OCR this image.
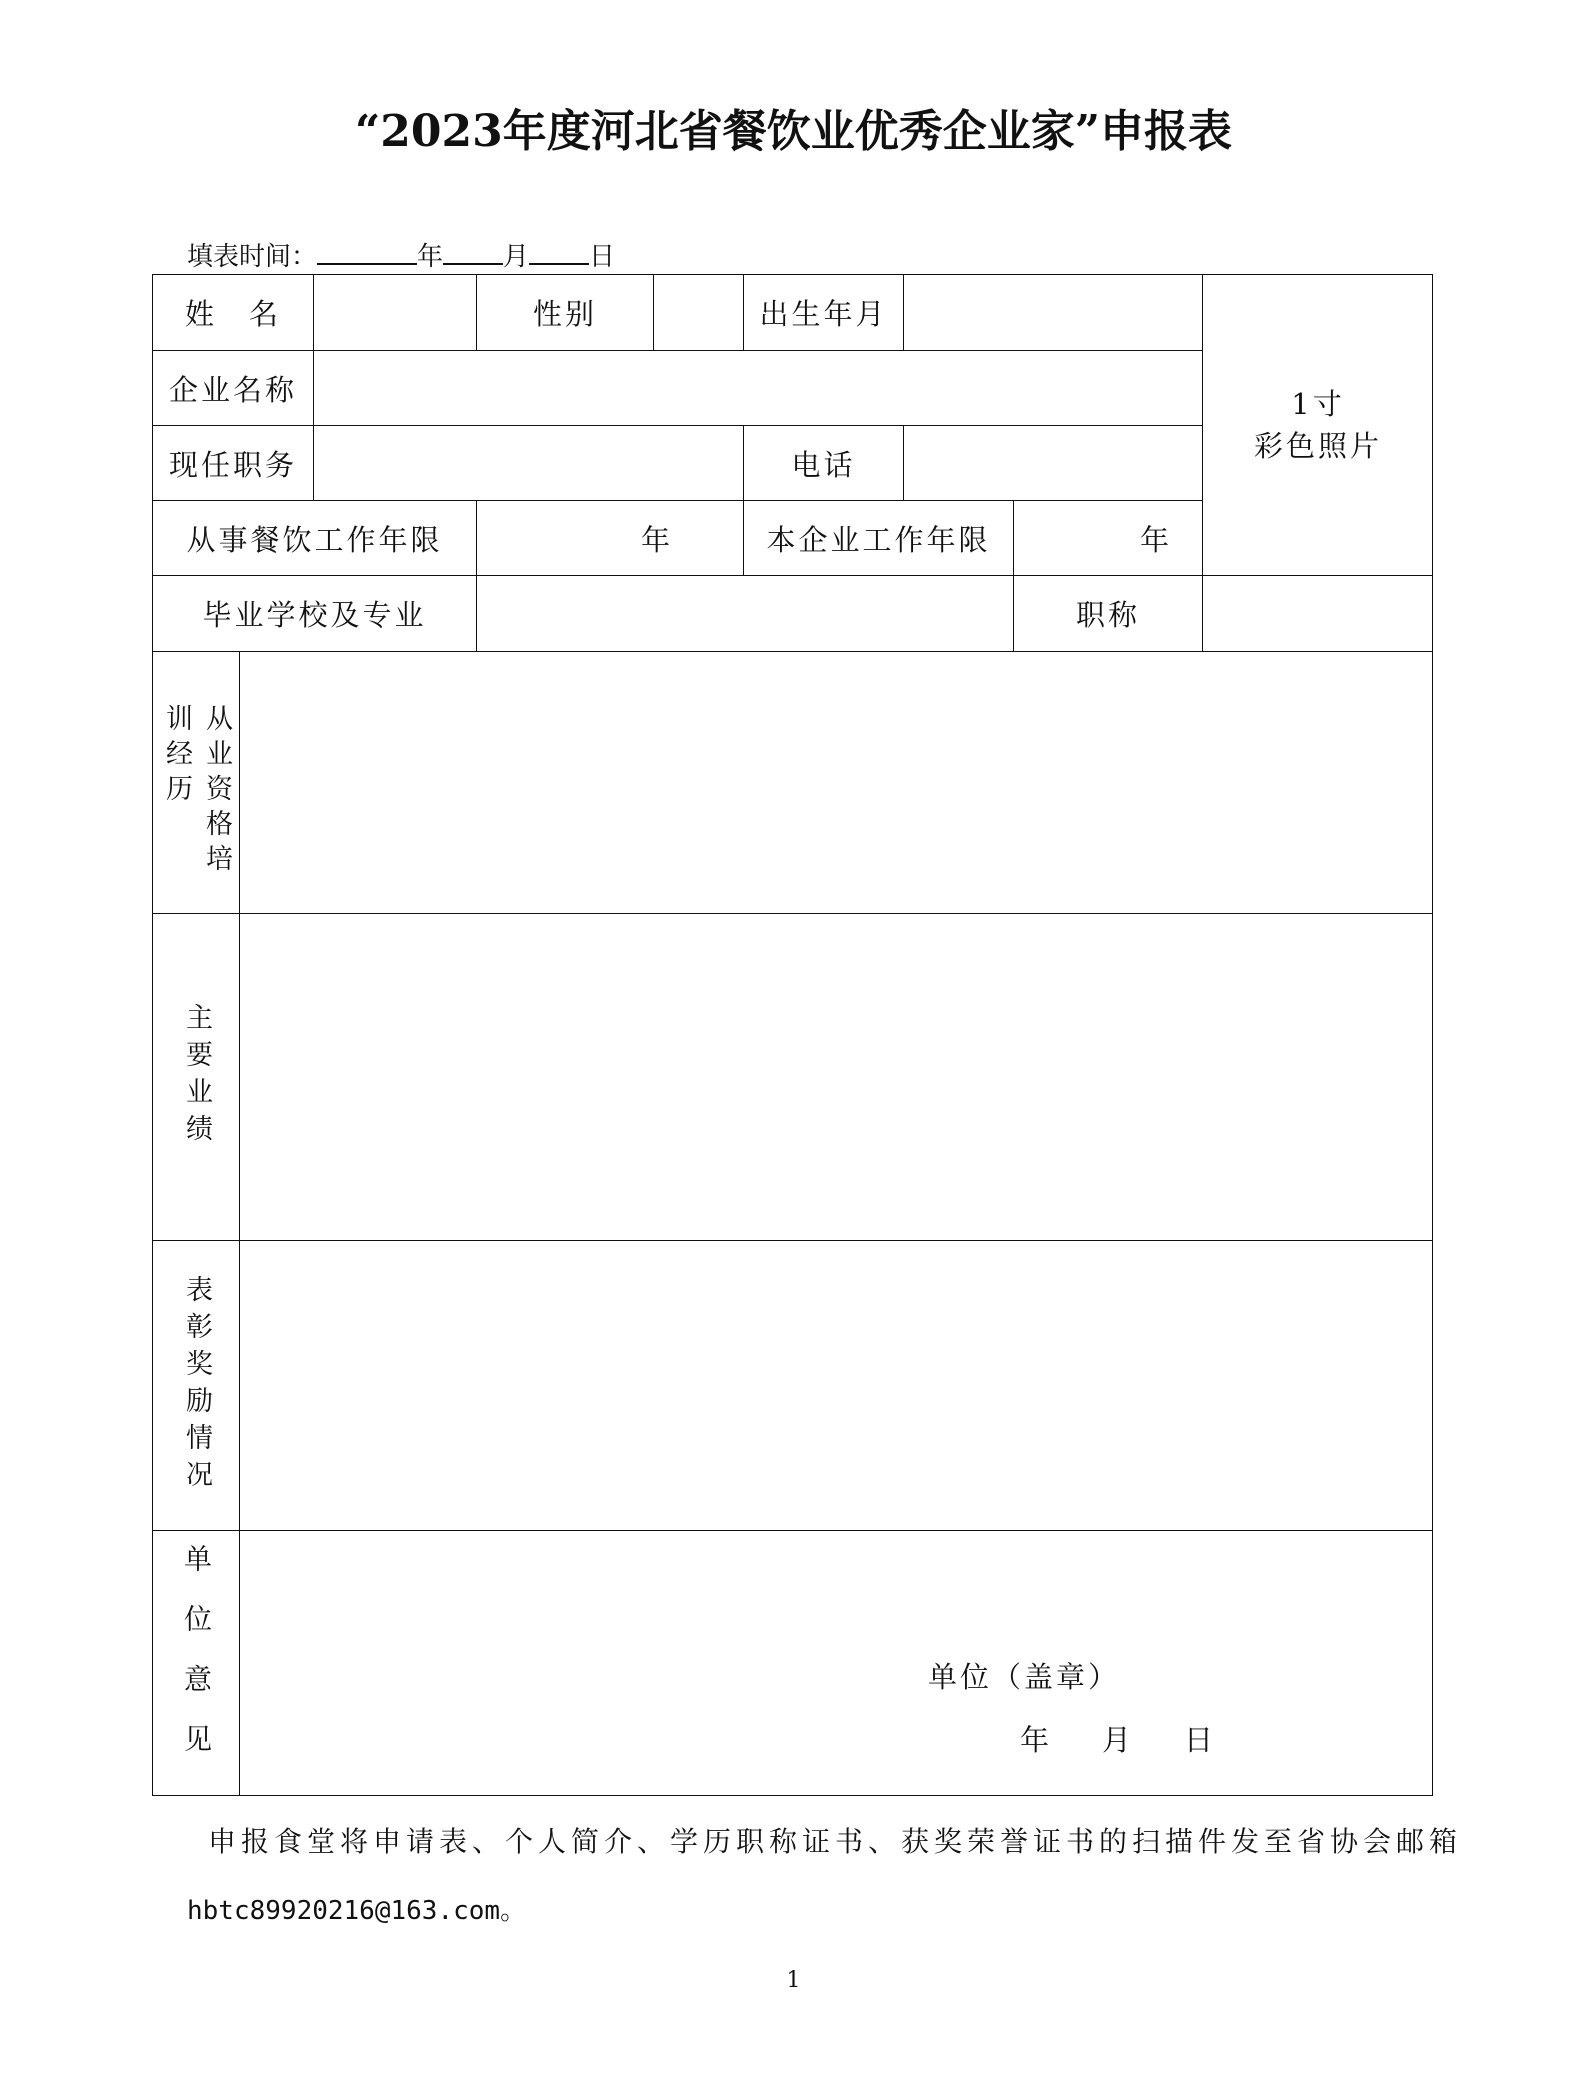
“2023年度河北省餐饮业优秀企业家”申报表
填表时间：	年 月 日
姓　名	性别	出生年月
1寸
彩色照片
企业名称
现任职务	电话
从事餐饮工作年限	年	本企业工作年限	年
毕业学校及专业	职称
从业资格培训经历
主要业绩
表彰奖励情况
单位意见	单位（盖章）
年　月　日
申报食堂将申请表、个人简介、学历职称证书、获奖荣誉证书的扫描件发至省协会邮箱
hbtc89920216@163.com。
1
